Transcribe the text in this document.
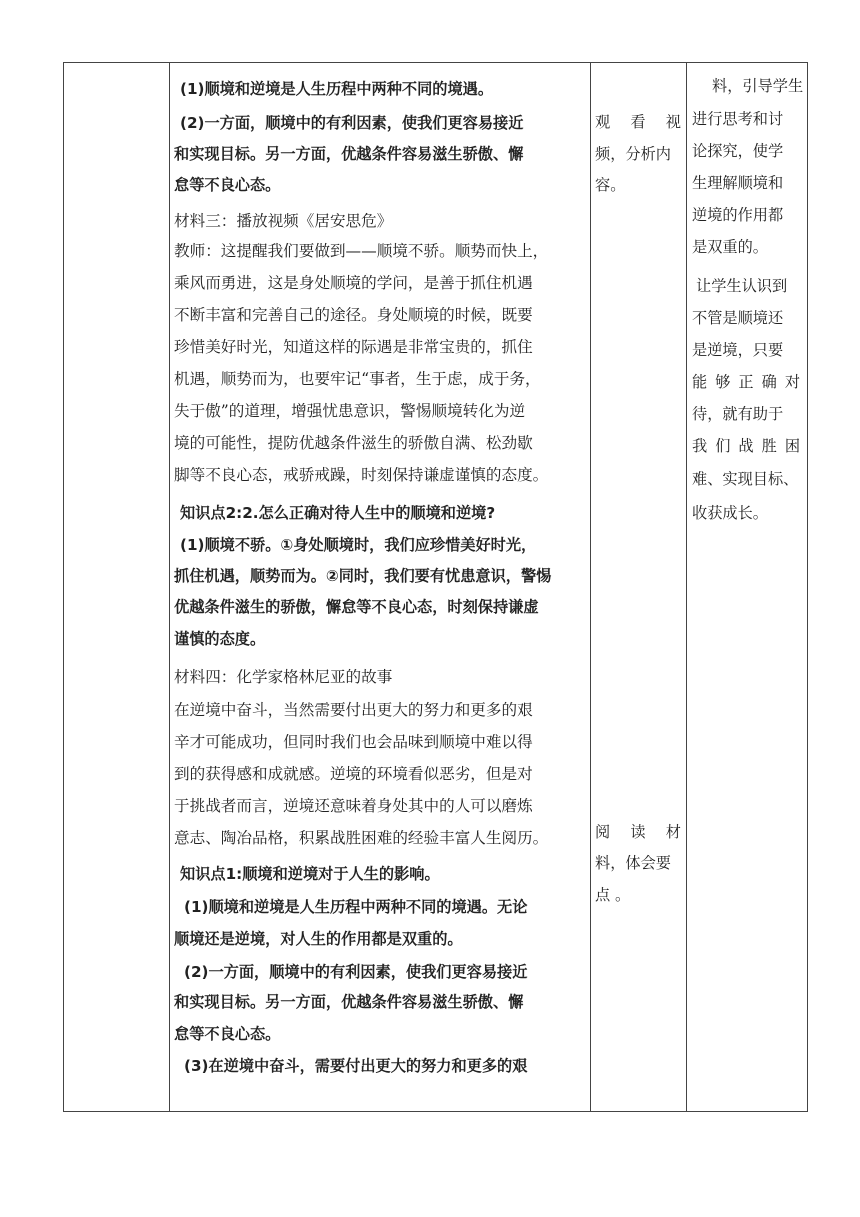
(1)顺境和逆境是人生历程中两种不同的境遇。
(2)一方面，顺境中的有利因素，使我们更容易接近
和实现目标。另一方面，优越条件容易滋生骄傲、懈
怠等不良心态。
材料三：播放视频《居安思危》
教师：这提醒我们要做到——顺境不骄。顺势而快上，
乘风而勇进，这是身处顺境的学问，是善于抓住机遇
不断丰富和完善自己的途径。身处顺境的时候，既要
珍惜美好时光，知道这样的际遇是非常宝贵的，抓住
机遇，顺势而为，也要牢记“事者，生于虑，成于务，
失于傲”的道理，增强忧患意识，警惕顺境转化为逆
境的可能性，提防优越条件滋生的骄傲自满、松劲歇
脚等不良心态，戒骄戒躁，时刻保持谦虚谨慎的态度。
知识点2:2.怎么正确对待人生中的顺境和逆境?
(1)顺境不骄。①身处顺境时，我们应珍惜美好时光，
抓住机遇，顺势而为。②同时，我们要有忧患意识，警惕
优越条件滋生的骄傲，懈怠等不良心态，时刻保持谦虚
谨慎的态度。
材料四：化学家格林尼亚的故事
在逆境中奋斗，当然需要付出更大的努力和更多的艰
辛才可能成功，但同时我们也会品味到顺境中难以得
到的获得感和成就感。逆境的环境看似恶劣，但是对
于挑战者而言，逆境还意味着身处其中的人可以磨炼
意志、陶冶品格，积累战胜困难的经验丰富人生阅历。
知识点1:顺境和逆境对于人生的影响。
(1)顺境和逆境是人生历程中两种不同的境遇。无论
顺境还是逆境，对人生的作用都是双重的。
(2)一方面，顺境中的有利因素，使我们更容易接近
和实现目标。另一方面，优越条件容易滋生骄傲、懈
怠等不良心态。
(3)在逆境中奋斗，需要付出更大的努力和更多的艰
观 看 视
频，分析内
容。
阅 读 材
料，体会要
点 。
料，引导学生
进行思考和讨
论探究，使学
生理解顺境和
逆境的作用都
是双重的。
让学生认识到
不管是顺境还
是逆境，只要
能够正确对
待，就有助于
我们战胜困
难、实现目标、
收获成长。
